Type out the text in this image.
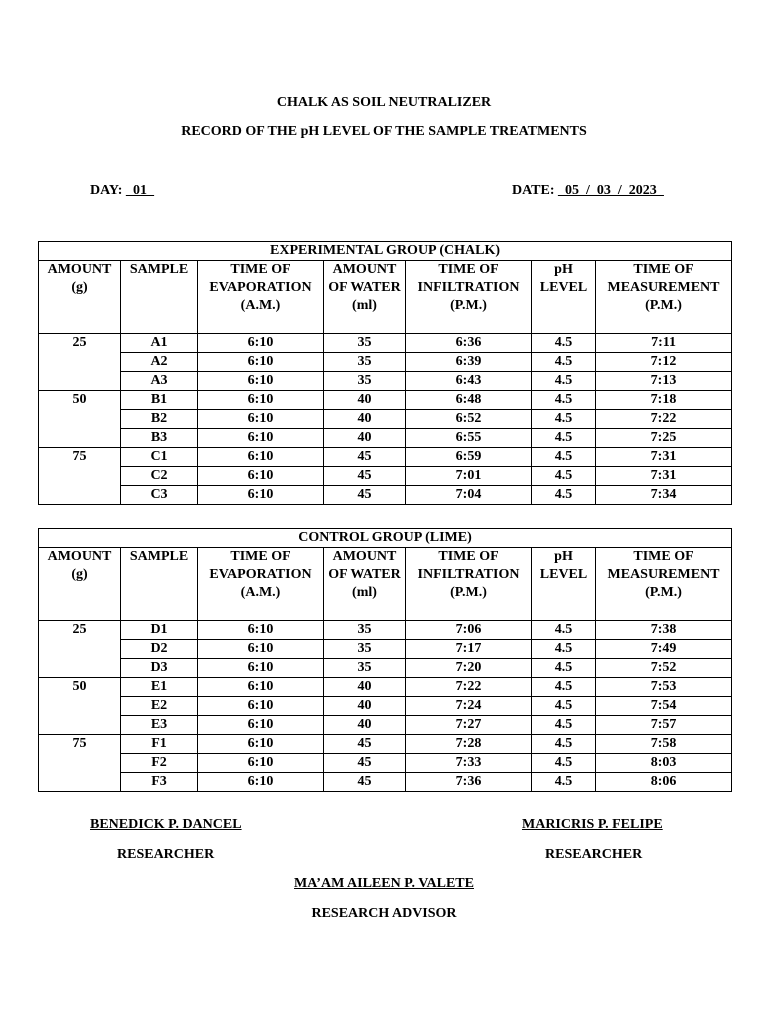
CHALK AS SOIL NEUTRALIZER
RECORD OF THE pH LEVEL OF THE SAMPLE TREATMENTS
DAY: _01_	DATE: _05_/_03_/_2023_
EXPERIMENTAL GROUP (CHALK)						
AMOUNT (g)	SAMPLE	TIME OF EVAPORATION (A.M.)	AMOUNT OF WATER (ml)	TIME OF INFILTRATION (P.M.)	pH LEVEL	TIME OF MEASUREMENT (P.M.)
25	A1	6:10	35	6:36	4.5	7:11
	A2	6:10	35	6:39	4.5	7:12
	A3	6:10	35	6:43	4.5	7:13
50	B1	6:10	40	6:48	4.5	7:18
	B2	6:10	40	6:52	4.5	7:22
	B3	6:10	40	6:55	4.5	7:25
75	C1	6:10	45	6:59	4.5	7:31
	C2	6:10	45	7:01	4.5	7:31
	C3	6:10	45	7:04	4.5	7:34
CONTROL GROUP (LIME)						
AMOUNT (g)	SAMPLE	TIME OF EVAPORATION (A.M.)	AMOUNT OF WATER (ml)	TIME OF INFILTRATION (P.M.)	pH LEVEL	TIME OF MEASUREMENT (P.M.)
25	D1	6:10	35	7:06	4.5	7:38
	D2	6:10	35	7:17	4.5	7:49
	D3	6:10	35	7:20	4.5	7:52
50	E1	6:10	40	7:22	4.5	7:53
	E2	6:10	40	7:24	4.5	7:54
	E3	6:10	40	7:27	4.5	7:57
75	F1	6:10	45	7:28	4.5	7:58
	F2	6:10	45	7:33	4.5	8:03
	F3	6:10	45	7:36	4.5	8:06
BENEDICK P. DANCEL
RESEARCHER
MARICRIS P. FELIPE
RESEARCHER
MA’AM AILEEN P. VALETE
RESEARCH ADVISOR
